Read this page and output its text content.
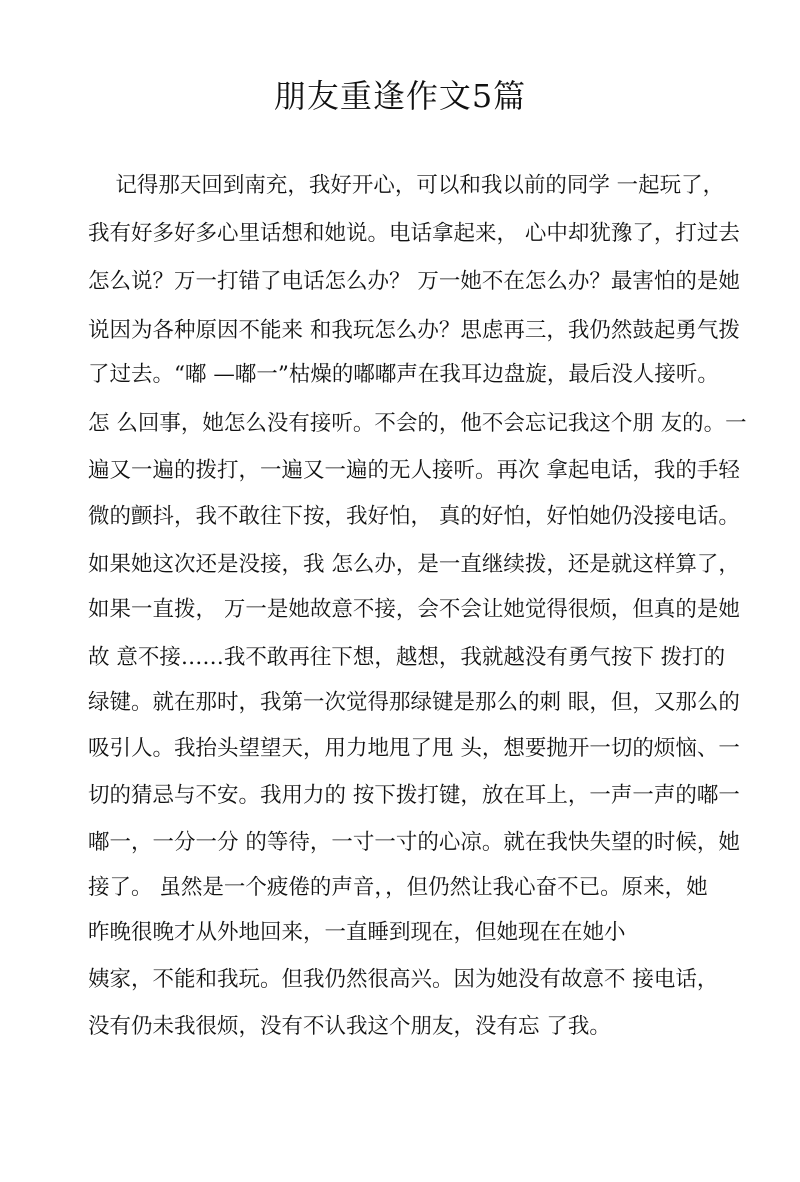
朋友重逢作文5篇
记得那天回到南充，我好开心，可以和我以前的同学 一起玩了，
我有好多好多心里话想和她说。电话拿起来， 心中却犹豫了，打过去
怎么说？万一打错了电话怎么办？ 万一她不在怎么办？最害怕的是她
说因为各种原因不能来 和我玩怎么办？思虑再三，我仍然鼓起勇气拨
了过去。“嘟 —嘟一”枯燥的嘟嘟声在我耳边盘旋，最后没人接听。
怎 么回事，她怎么没有接听。不会的，他不会忘记我这个朋 友的。一
遍又一遍的拨打，一遍又一遍的无人接听。再次 拿起电话，我的手轻
微的颤抖，我不敢往下按，我好怕， 真的好怕，好怕她仍没接电话。
如果她这次还是没接，我 怎么办，是一直继续拨，还是就这样算了，
如果一直拨， 万一是她故意不接，会不会让她觉得很烦，但真的是她
故 意不接……我不敢再往下想，越想，我就越没有勇气按下 拨打的
绿键。就在那时，我第一次觉得那绿键是那么的刺 眼，但，又那么的
吸引人。我抬头望望天，用力地甩了甩 头，想要抛开一切的烦恼、一
切的猜忌与不安。我用力的 按下拨打键，放在耳上，一声一声的嘟一
嘟一，一分一分 的等待，一寸一寸的心凉。就在我快失望的时候，她
接了。 虽然是一个疲倦的声音，，但仍然让我心奋不已。原来，她
昨晚很晚才从外地回来，一直睡到现在，但她现在在她小
姨家，不能和我玩。但我仍然很高兴。因为她没有故意不 接电话，
没有仍未我很烦，没有不认我这个朋友，没有忘 了我。
